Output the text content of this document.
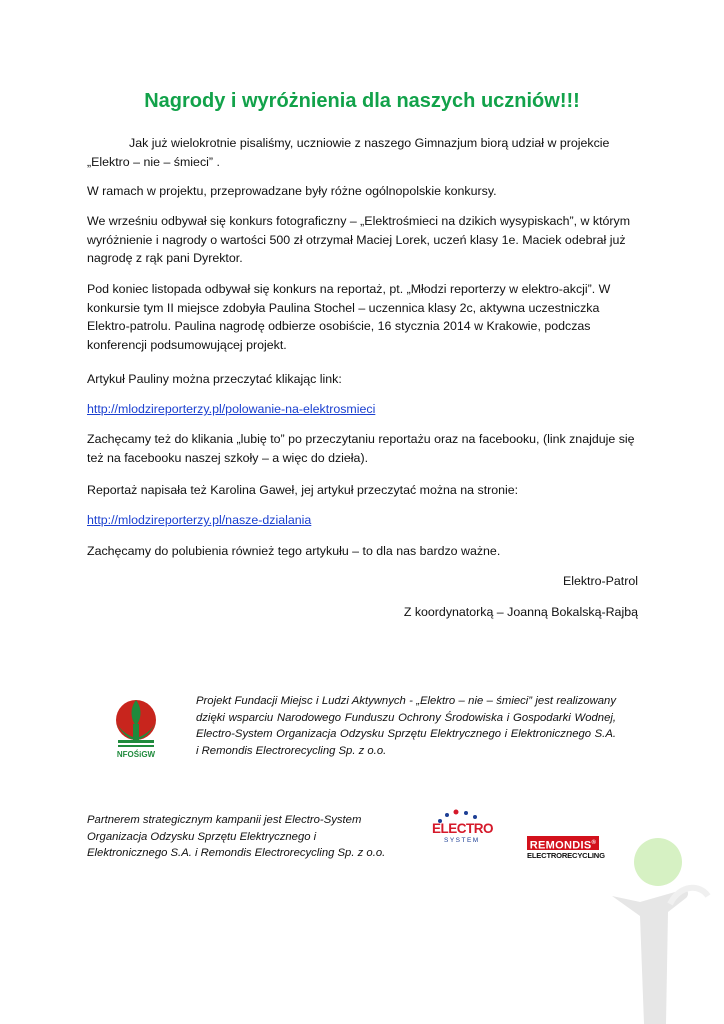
Nagrody i wyróżnienia dla naszych uczniów!!!

Jak już wielokrotnie pisaliśmy, uczniowie z naszego Gimnazjum biorą udział w projekcie „Elektro – nie – śmieci” .

W ramach w projektu, przeprowadzane były różne ogólnopolskie konkursy.

We wrześniu odbywał się konkurs fotograficzny – „Elektrośmieci na dzikich wysypiskach”, w którym wyróżnienie i nagrody o wartości 500 zł otrzymał Maciej Lorek, uczeń klasy 1e. Maciek odebrał już nagrodę z rąk pani Dyrektor.

Pod koniec listopada odbywał się konkurs na reportaż, pt. „Młodzi reporterzy w elektro-akcji”. W konkursie tym II miejsce zdobyła Paulina Stochel – uczennica klasy 2c, aktywna uczestniczka Elektro-patrolu. Paulina nagrodę odbierze osobiście, 16 stycznia 2014 w Krakowie, podczas konferencji podsumowującej projekt.

Artykuł Pauliny można przeczytać klikając link:

http://mlodzireporterzy.pl/polowanie-na-elektrosmieci

Zachęcamy też do klikania „lubię to” po przeczytaniu reportażu oraz na facebooku, (link znajduje się też na facebooku naszej szkoły – a więc do dzieła).

Reportaż napisała też Karolina Gaweł, jej artykuł przeczytać można na stronie:

http://mlodzireporterzy.pl/nasze-dzialania

Zachęcamy do polubienia również tego artykułu – to dla nas bardzo ważne.

Elektro-Patrol

Z koordynatorką – Joanną Bokalską-Rajbą

NFOŚiGW

Projekt Fundacji Miejsc i Ludzi Aktywnych - „Elektro – nie – śmieci” jest realizowany dzięki wsparciu Narodowego Funduszu Ochrony Środowiska i Gospodarki Wodnej, Electro-System Organizacja Odzysku Sprzętu Elektrycznego i Elektronicznego S.A. i Remondis Electrorecycling Sp. z o.o.

Partnerem strategicznym kampanii jest Electro-System
Organizacja Odzysku Sprzętu Elektrycznego i
Elektronicznego S.A. i Remondis Electrorecycling Sp. z o.o.
ELECTRO
SYSTEM	REMONDIS®
ELECTRORECYCLING
